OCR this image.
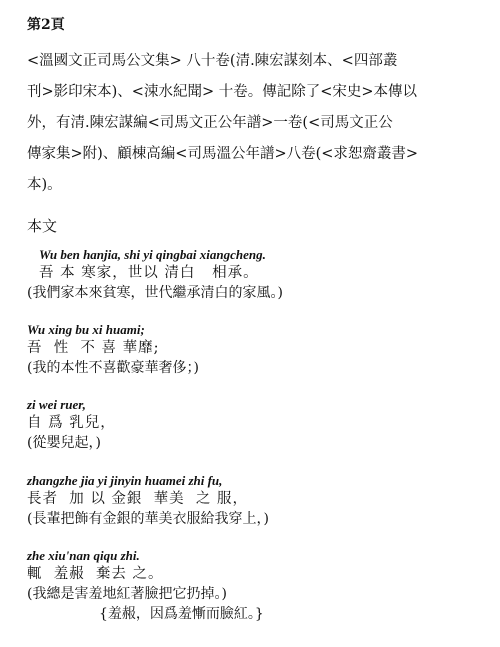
第2頁
<溫國文正司馬公文集> 八十卷(清.陳宏謀刻本、<四部叢
刊>影印宋本)、<涑水紀聞> 十卷。傳記除了<宋史>本傳以
外，有清.陳宏謀編<司馬文正公年譜>一卷(<司馬文正公
傳家集>附)、顧棟高編<司馬溫公年譜>八卷(<求恕齋叢書>
本)。
本文
Wu ben hanjia, shi yi qingbai xiangcheng.
吾 本 寒家，世以 清白   相承。
(我們家本來貧寒，世代繼承清白的家風。)
Wu xing bu xi huami;
吾  性  不 喜 華靡;
(我的本性不喜歡豪華奢侈；)
zi wei ruer,
自 爲 乳兒，
(從嬰兒起，)
zhangzhe jia yi jinyin huamei zhi fu,
長者  加 以 金銀  華美  之 服，
(長輩把飾有金銀的華美衣服給我穿上，)
zhe xiu'nan qiqu zhi.
輒  羞赧  棄去 之。
(我總是害羞地紅著臉把它扔掉。)
{羞赧，因爲羞慚而臉紅。}
